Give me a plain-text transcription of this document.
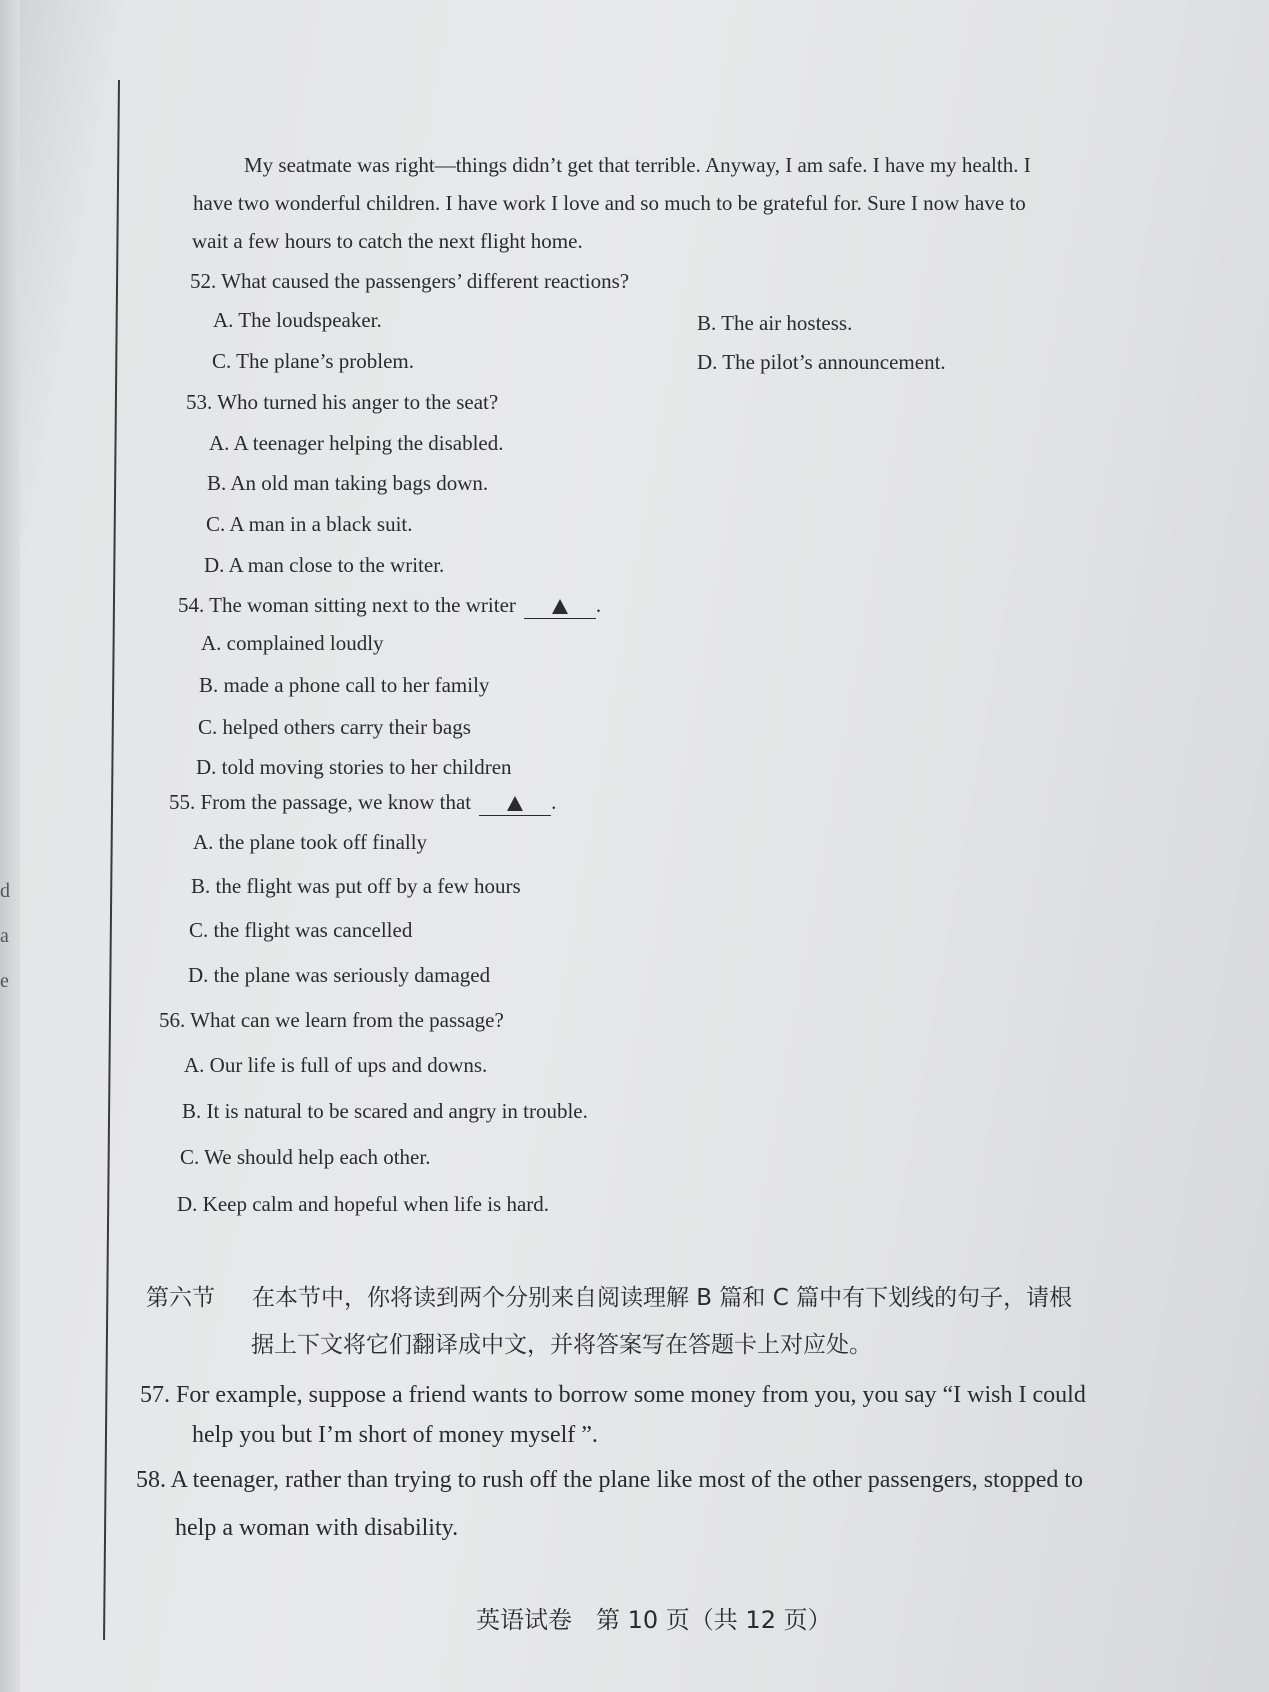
d
a
e
My seatmate was right—things didn’t get that terrible. Anyway, I am safe. I have my health. I
have two wonderful children. I have work I love and so much to be grateful for. Sure I now have to
wait a few hours to catch the next flight home.
52. What caused the passengers’ different reactions?
A. The loudspeaker.	B. The air hostess.
C. The plane’s problem.	D. The pilot’s announcement.
53. Who turned his anger to the seat?
A. A teenager helping the disabled.
B. An old man taking bags down.
C. A man in a black suit.
D. A man close to the writer.
54. The woman sitting next to the writer	.
A. complained loudly
B. made a phone call to her family
C. helped others carry their bags
D. told moving stories to her children
55. From the passage, we know that	.
A. the plane took off finally
B. the flight was put off by a few hours
C. the flight was cancelled
D. the plane was seriously damaged
56. What can we learn from the passage?
A. Our life is full of ups and downs.
B. It is natural to be scared and angry in trouble.
C. We should help each other.
D. Keep calm and hopeful when life is hard.
第六节 在本节中，你将读到两个分别来自阅读理解 B 篇和 C 篇中有下划线的句子，请根
据上下文将它们翻译成中文，并将答案写在答题卡上对应处。
57. For example, suppose a friend wants to borrow some money from you, you say “I wish I could
help you but I’m short of money myself ”.
58. A teenager, rather than trying to rush off the plane like most of the other passengers, stopped to
help a woman with disability.
英语试卷　第 10 页（共 12 页）
